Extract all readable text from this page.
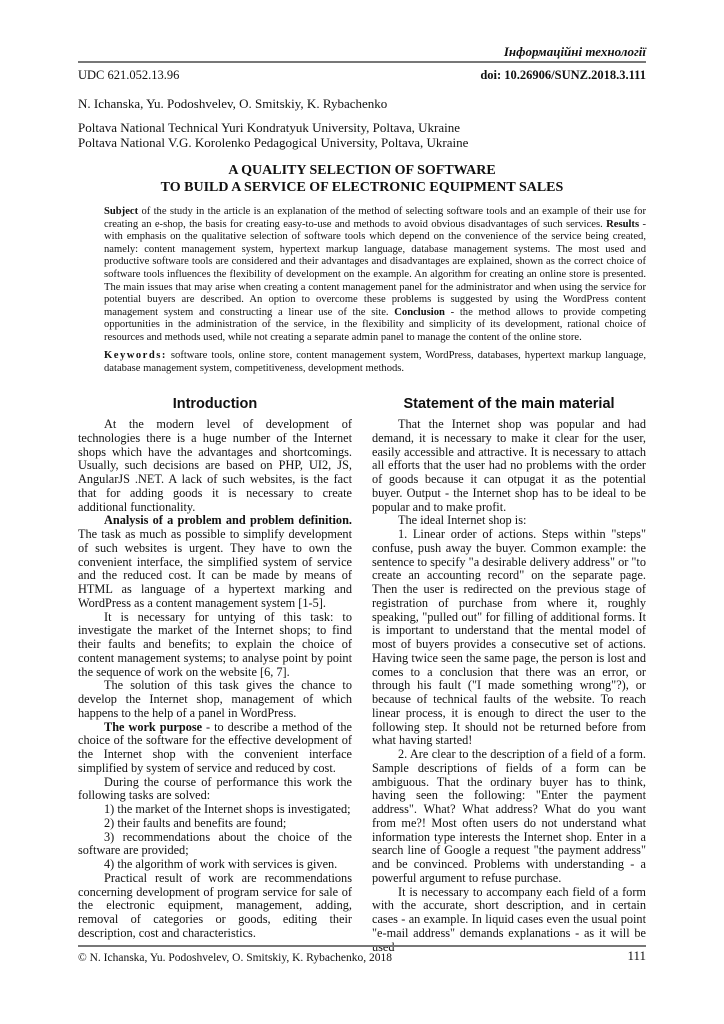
Інформаційні технології
UDC 621.052.13.96	doi: 10.26906/SUNZ.2018.3.111
N. Ichanska, Yu. Podoshvelev, O. Smitskiy, K. Rybachenko
Poltava National Technical Yuri Kondratyuk University, Poltava, Ukraine
Poltava National V.G. Korolenko Pedagogical University, Poltava, Ukraine
A QUALITY SELECTION OF SOFTWARE
TO BUILD A SERVICE OF ELECTRONIC EQUIPMENT SALES
Subject of the study in the article is an explanation of the method of selecting software tools and an example of their use for creating an e-shop, the basis for creating easy-to-use and methods to avoid obvious disadvantages of such services. Results - with emphasis on the qualitative selection of software tools which depend on the convenience of the service being created, namely: content management system, hypertext markup language, database management systems. The most used and productive software tools are considered and their advantages and disadvantages are explained, shown as the correct choice of software tools influences the flexibility of development on the example. An algorithm for creating an online store is presented. The main issues that may arise when creating a content management panel for the administrator and when using the service for potential buyers are described. An option to overcome these problems is suggested by using the WordPress content management system and constructing a linear use of the site. Conclusion - the method allows to provide competing opportunities in the administration of the service, in the flexibility and simplicity of its development, rational choice of resources and methods used, while not creating a separate admin panel to manage the content of the online store.
Keywords: software tools, online store, content management system, WordPress, databases, hypertext markup language, database management system, competitiveness, development methods.
Introduction

At the modern level of development of technologies there is a huge number of the Internet shops which have the advantages and shortcomings. Usually, such decisions are based on PHP, UI2, JS, AngularJS .NET. A lack of such websites, is the fact that for adding goods it is necessary to create additional functionality.

Analysis of a problem and problem definition. The task as much as possible to simplify development of such websites is urgent. They have to own the convenient interface, the simplified system of service and the reduced cost. It can be made by means of HTML as language of a hypertext marking and WordPress as a content management system [1-5].

It is necessary for untying of this task: to investigate the market of the Internet shops; to find their faults and benefits; to explain the choice of content management systems; to analyse point by point the sequence of work on the website [6, 7].

The solution of this task gives the chance to develop the Internet shop, management of which happens to the help of a panel in WordPress.

The work purpose - to describe a method of the choice of the software for the effective development of the Internet shop with the convenient interface simplified by system of service and reduced by cost.

During the course of performance this work the following tasks are solved:

1) the market of the Internet shops is investigated;

2) their faults and benefits are found;

3) recommendations about the choice of the software are provided;

4) the algorithm of work with services is given.

Practical result of work are recommendations concerning development of program service for sale of the electronic equipment, management, adding, removal of categories or goods, editing their description, cost and characteristics.

Statement of the main material

That the Internet shop was popular and had demand, it is necessary to make it clear for the user, easily accessible and attractive. It is necessary to attach all efforts that the user had no problems with the order of goods because it can otpugat it as the potential buyer. Output - the Internet shop has to be ideal to be popular and to make profit.

The ideal Internet shop is:

1. Linear order of actions. Steps within "steps" confuse, push away the buyer. Common example: the sentence to specify "a desirable delivery address" or "to create an accounting record" on the separate page. Then the user is redirected on the previous stage of registration of purchase from where it, roughly speaking, "pulled out" for filling of additional forms. It is important to understand that the mental model of most of buyers provides a consecutive set of actions. Having twice seen the same page, the person is lost and comes to a conclusion that there was an error, or through his fault ("I made something wrong"?), or because of technical faults of the website. To reach linear process, it is enough to direct the user to the following step. It should not be returned before from what having started!

2. Are clear to the description of a field of a form. Sample descriptions of fields of a form can be ambiguous. That the ordinary buyer has to think, having seen the following: "Enter the payment address". What? What address? What do you want from me?! Most often users do not understand what information type interests the Internet shop. Enter in a search line of Google a request "the payment address" and be convinced. Problems with understanding - a powerful argument to refuse purchase.

It is necessary to accompany each field of a form with the accurate, short description, and in certain cases - an example. In liquid cases even the usual point "e-mail address" demands explanations - as it will be

© N. Ichanska, Yu. Podoshvelev, O. Smitskiy, K. Rybachenko, 2018	111
